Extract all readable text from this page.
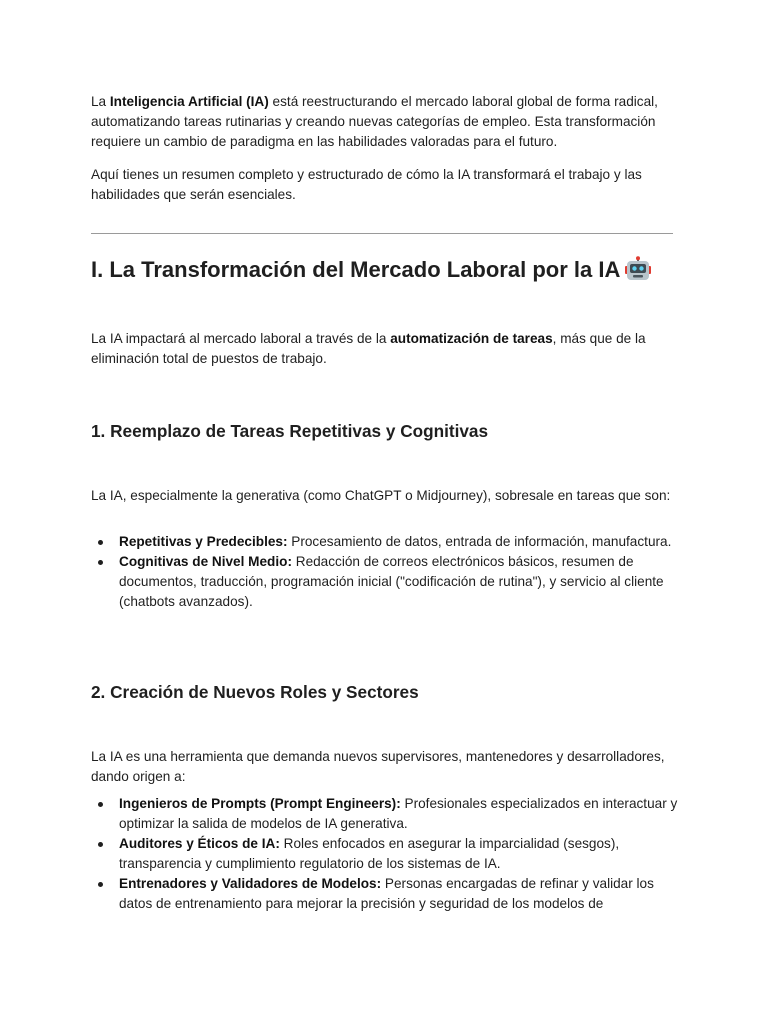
La Inteligencia Artificial (IA) está reestructurando el mercado laboral global de forma radical, automatizando tareas rutinarias y creando nuevas categorías de empleo. Esta transformación requiere un cambio de paradigma en las habilidades valoradas para el futuro.

Aquí tienes un resumen completo y estructurado de cómo la IA transformará el trabajo y las habilidades que serán esenciales.

I. La Transformación del Mercado Laboral por la IA

La IA impactará al mercado laboral a través de la automatización de tareas, más que de la eliminación total de puestos de trabajo.

1. Reemplazo de Tareas Repetitivas y Cognitivas

La IA, especialmente la generativa (como ChatGPT o Midjourney), sobresale en tareas que son:

Repetitivas y Predecibles: Procesamiento de datos, entrada de información, manufactura.
Cognitivas de Nivel Medio: Redacción de correos electrónicos básicos, resumen de documentos, traducción, programación inicial ("codificación de rutina"), y servicio al cliente (chatbots avanzados).
2. Creación de Nuevos Roles y Sectores

La IA es una herramienta que demanda nuevos supervisores, mantenedores y desarrolladores, dando origen a:

Ingenieros de Prompts (Prompt Engineers): Profesionales especializados en interactuar y optimizar la salida de modelos de IA generativa.
Auditores y Éticos de IA: Roles enfocados en asegurar la imparcialidad (sesgos), transparencia y cumplimiento regulatorio de los sistemas de IA.
Entrenadores y Validadores de Modelos: Personas encargadas de refinar y validar los datos de entrenamiento para mejorar la precisión y seguridad de los modelos de
